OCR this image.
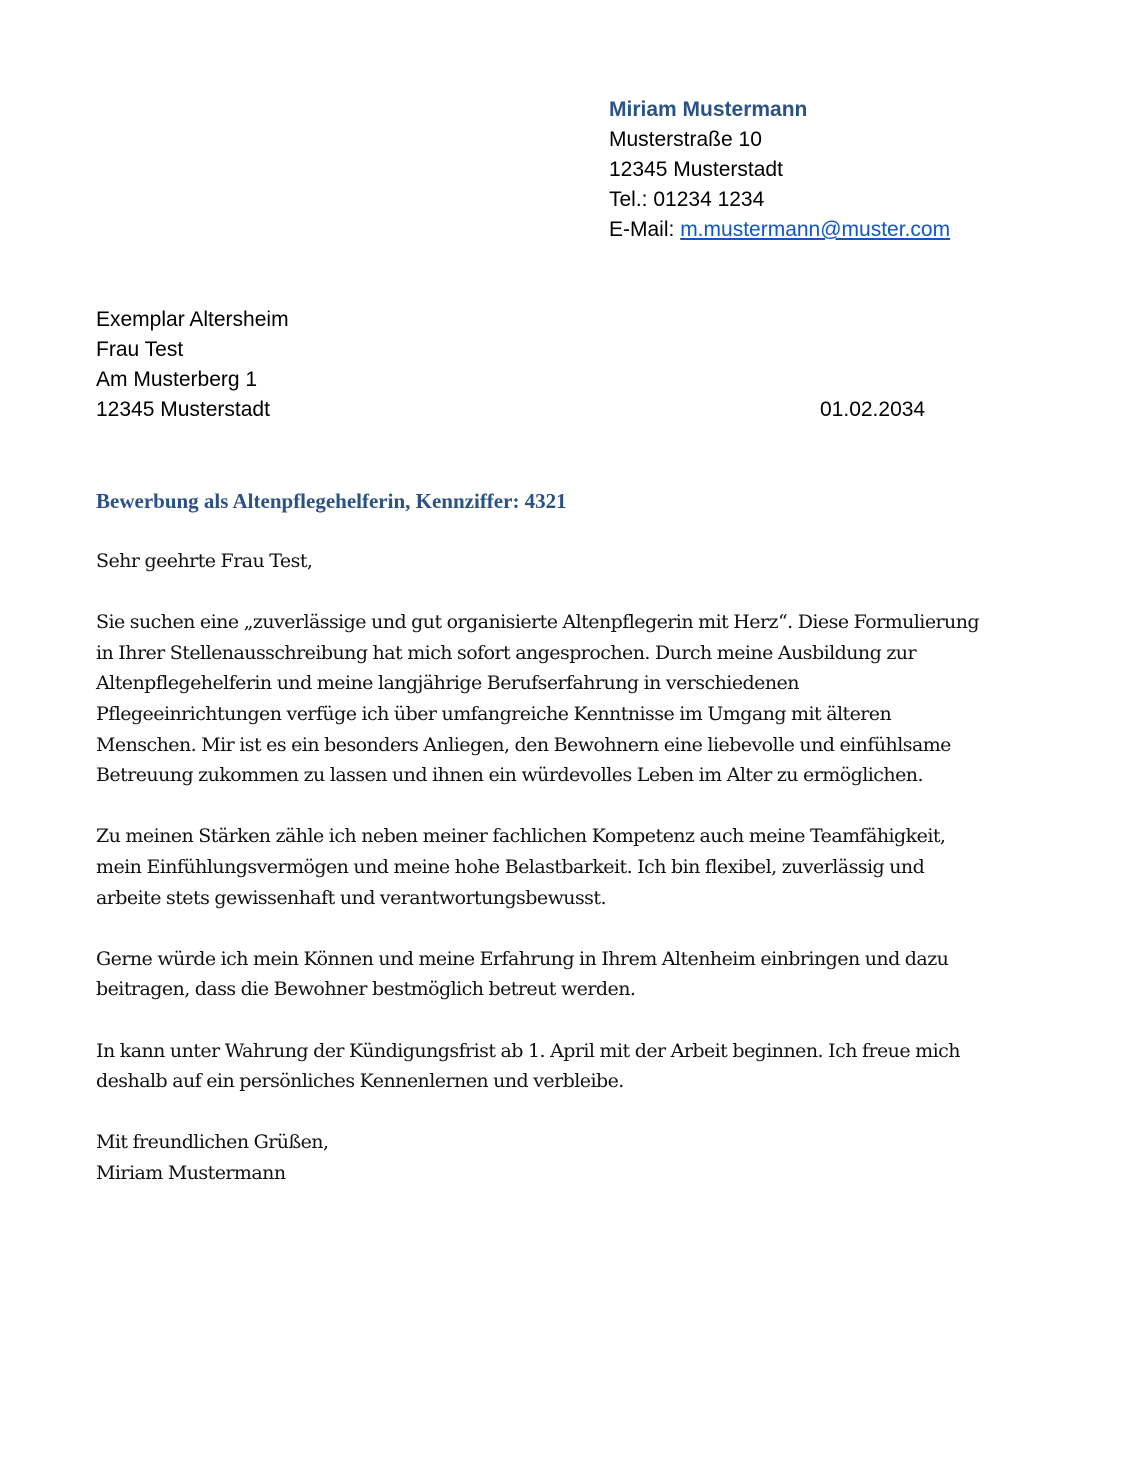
Miriam Mustermann
Musterstraße 10
12345 Musterstadt
Tel.: 01234 1234
E-Mail: m.mustermann@muster.com
Exemplar Altersheim
Frau Test
Am Musterberg 1
12345 Musterstadt	01.02.2034
Bewerbung als Altenpflegehelferin, Kennziffer: 4321

Sehr geehrte Frau Test,

Sie suchen eine „zuverlässige und gut organisierte Altenpflegerin mit Herz“. Diese Formulierung
in Ihrer Stellenausschreibung hat mich sofort angesprochen. Durch meine Ausbildung zur
Altenpflegehelferin und meine langjährige Berufserfahrung in verschiedenen
Pflegeeinrichtungen verfüge ich über umfangreiche Kenntnisse im Umgang mit älteren
Menschen. Mir ist es ein besonders Anliegen, den Bewohnern eine liebevolle und einfühlsame
Betreuung zukommen zu lassen und ihnen ein würdevolles Leben im Alter zu ermöglichen.

Zu meinen Stärken zähle ich neben meiner fachlichen Kompetenz auch meine Teamfähigkeit,
mein Einfühlungsvermögen und meine hohe Belastbarkeit. Ich bin flexibel, zuverlässig und
arbeite stets gewissenhaft und verantwortungsbewusst.

Gerne würde ich mein Können und meine Erfahrung in Ihrem Altenheim einbringen und dazu
beitragen, dass die Bewohner bestmöglich betreut werden.

In kann unter Wahrung der Kündigungsfrist ab 1. April mit der Arbeit beginnen. Ich freue mich
deshalb auf ein persönliches Kennenlernen und verbleibe.

Mit freundlichen Grüßen,
Miriam Mustermann
